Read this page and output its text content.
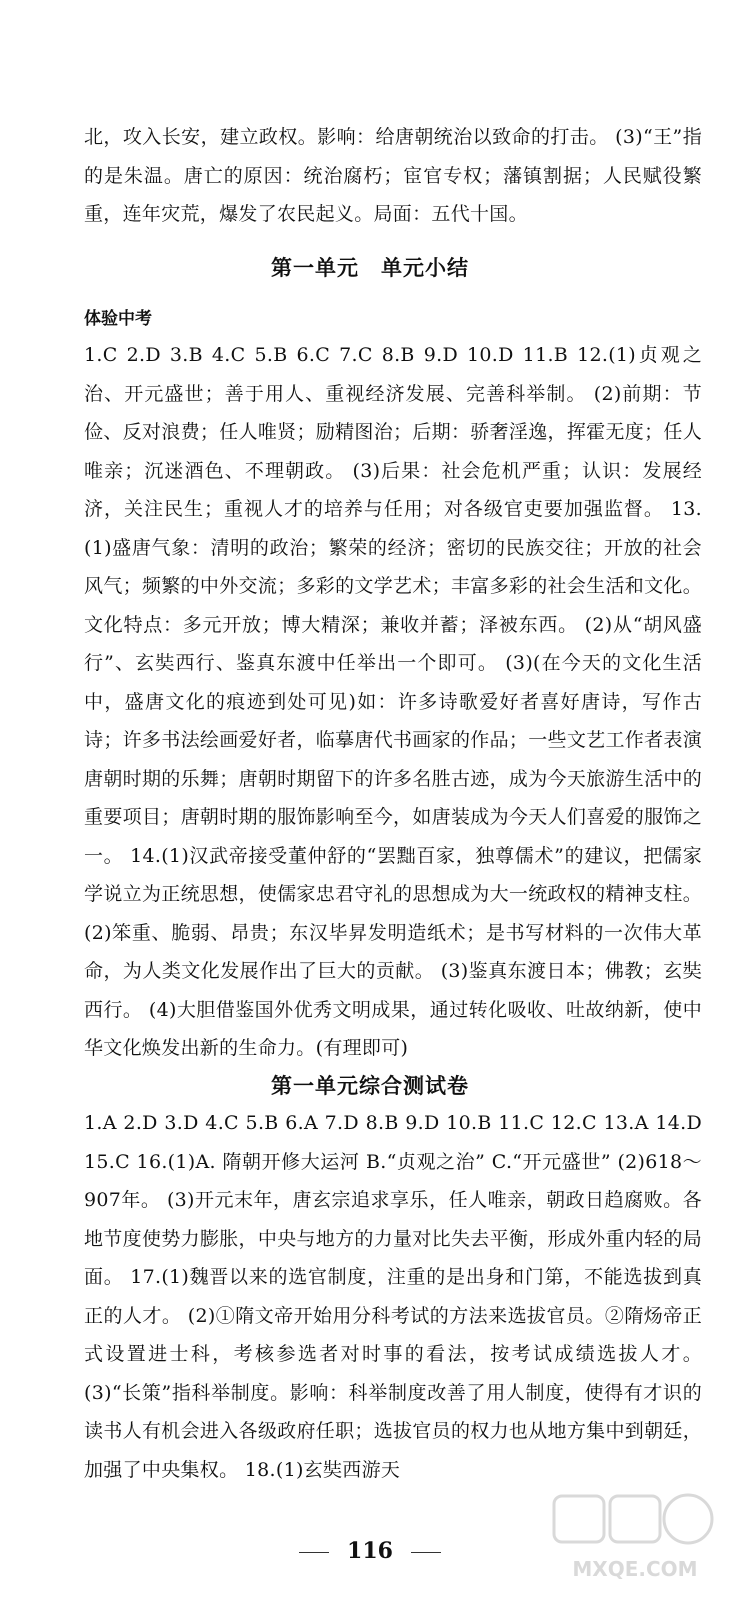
北，攻入长安，建立政权。影响：给唐朝统治以致命的打击。 (3)“王”指的是朱温。唐亡的原因：统治腐朽；宦官专权；藩镇割据；人民赋役繁重，连年灾荒，爆发了农民起义。局面：五代十国。

第一单元　单元小结
体验中考

1.C 2.D 3.B 4.C 5.B 6.C 7.C 8.B 9.D 10.D 11.B 12.(1)贞观之治、开元盛世；善于用人、重视经济发展、完善科举制。 (2)前期：节俭、反对浪费；任人唯贤；励精图治；后期：骄奢淫逸，挥霍无度；任人唯亲；沉迷酒色、不理朝政。 (3)后果：社会危机严重；认识：发展经济，关注民生；重视人才的培养与任用；对各级官吏要加强监督。 13.(1)盛唐气象：清明的政治；繁荣的经济；密切的民族交往；开放的社会风气；频繁的中外交流；多彩的文学艺术；丰富多彩的社会生活和文化。文化特点：多元开放；博大精深；兼收并蓄；泽被东西。 (2)从“胡风盛行”、玄奘西行、鉴真东渡中任举出一个即可。 (3)(在今天的文化生活中，盛唐文化的痕迹到处可见)如：许多诗歌爱好者喜好唐诗，写作古诗；许多书法绘画爱好者，临摹唐代书画家的作品；一些文艺工作者表演唐朝时期的乐舞；唐朝时期留下的许多名胜古迹，成为今天旅游生活中的重要项目；唐朝时期的服饰影响至今，如唐装成为今天人们喜爱的服饰之一。 14.(1)汉武帝接受董仲舒的“罢黜百家，独尊儒术”的建议，把儒家学说立为正统思想，使儒家忠君守礼的思想成为大一统政权的精神支柱。 (2)笨重、脆弱、昂贵；东汉毕昇发明造纸术；是书写材料的一次伟大革命，为人类文化发展作出了巨大的贡献。 (3)鉴真东渡日本；佛教；玄奘西行。 (4)大胆借鉴国外优秀文明成果，通过转化吸收、吐故纳新，使中华文化焕发出新的生命力。(有理即可)

第一单元综合测试卷

1.A 2.D 3.D 4.C 5.B 6.A 7.D 8.B 9.D 10.B 11.C 12.C 13.A 14.D 15.C 16.(1)A. 隋朝开修大运河 B.“贞观之治” C.“开元盛世” (2)618～907年。 (3)开元末年，唐玄宗追求享乐，任人唯亲，朝政日趋腐败。各地节度使势力膨胀，中央与地方的力量对比失去平衡，形成外重内轻的局面。 17.(1)魏晋以来的选官制度，注重的是出身和门第，不能选拔到真正的人才。 (2)①隋文帝开始用分科考试的方法来选拔官员。②隋炀帝正式设置进士科，考核参选者对时事的看法，按考试成绩选拔人才。 (3)“长策”指科举制度。影响：科举制度改善了用人制度，使得有才识的读书人有机会进入各级政府任职；选拔官员的权力也从地方集中到朝廷，加强了中央集权。 18.(1)玄奘西游天

116
MXQE.COM
